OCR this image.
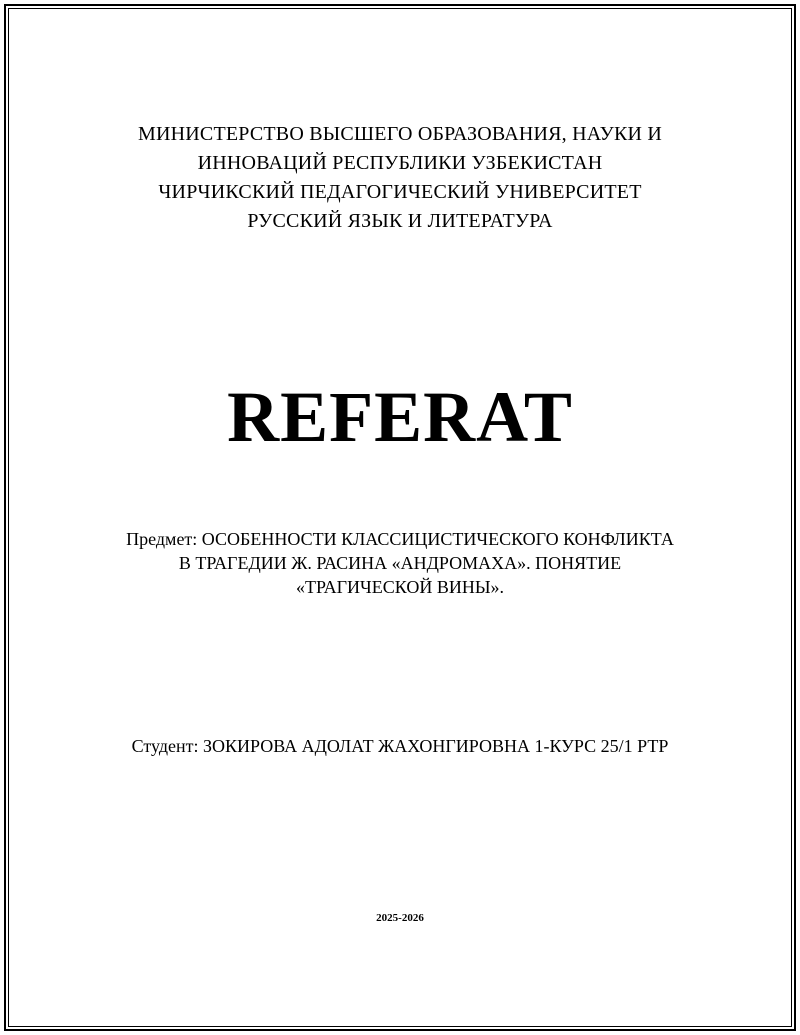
МИНИСТЕРСТВО ВЫСШЕГО ОБРАЗОВАНИЯ, НАУКИ И
ИННОВАЦИЙ РЕСПУБЛИКИ УЗБЕКИСТАН
ЧИРЧИКСКИЙ ПЕДАГОГИЧЕСКИЙ УНИВЕРСИТЕТ
РУССКИЙ ЯЗЫК И ЛИТЕРАТУРА
REFERAT
Предмет: ОСОБЕННОСТИ КЛАССИЦИСТИЧЕСКОГО КОНФЛИКТА
В ТРАГЕДИИ Ж. РАСИНА «АНДРОМАХА». ПОНЯТИЕ
«ТРАГИЧЕСКОЙ ВИНЫ».
Студент: ЗОКИРОВА АДОЛАТ ЖАХОНГИРОВНА 1-КУРС 25/1 РТР
2025-2026
